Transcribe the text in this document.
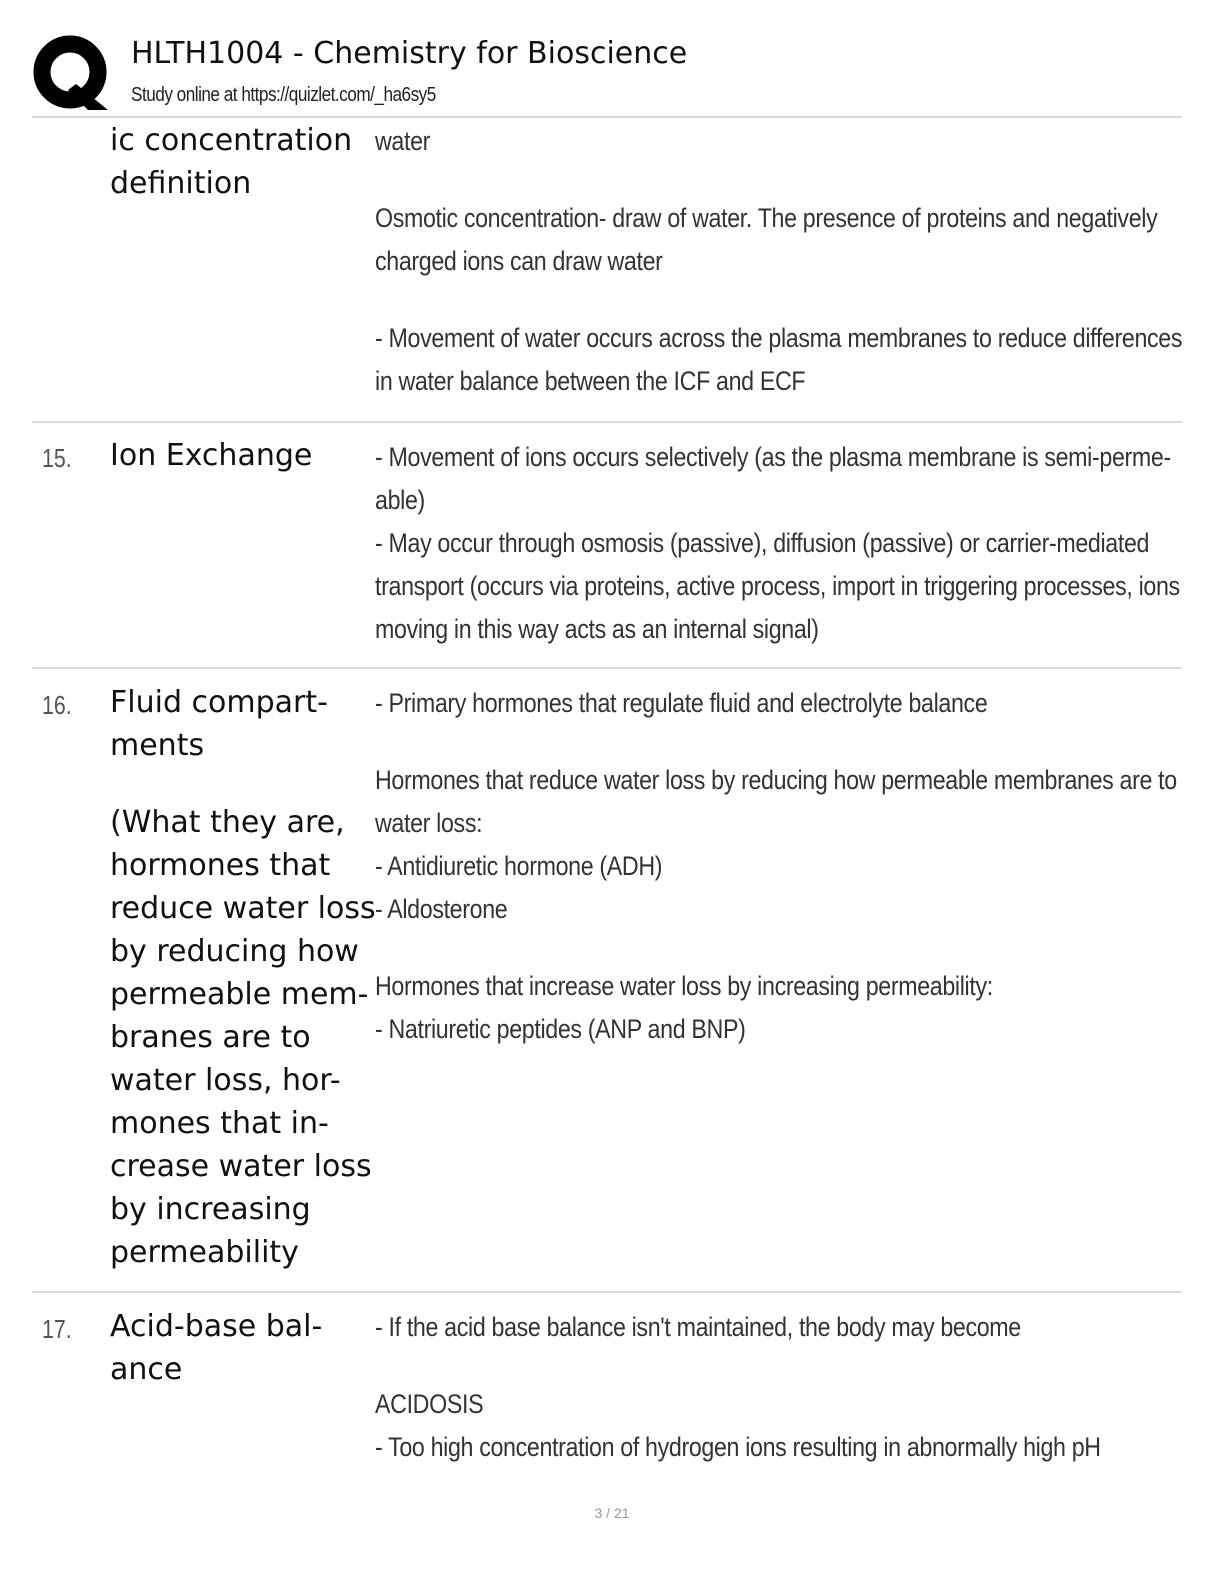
HLTH1004 - Chemistry for Bioscience
Study online at https://quizlet.com/_ha6sy5
ic concentration
definition
water
Osmotic concentration- draw of water. The presence of proteins and negatively
charged ions can draw water
- Movement of water occurs across the plasma membranes to reduce differences
in water balance between the ICF and ECF
15. Ion Exchange	- Movement of ions occurs selectively (as the plasma membrane is semi-perme-
able)
- May occur through osmosis (passive), diffusion (passive) or carrier-mediated
transport (occurs via proteins, active process, import in triggering processes, ions
moving in this way acts as an internal signal)
16. Fluid compart-
ments
(What they are,
hormones that
reduce water loss
by reducing how
permeable mem-
branes are to
water loss, hor-
mones that in-
crease water loss
by increasing
permeability
- Primary hormones that regulate fluid and electrolyte balance
Hormones that reduce water loss by reducing how permeable membranes are to
water loss:
- Antidiuretic hormone (ADH)
- Aldosterone
Hormones that increase water loss by increasing permeability:
- Natriuretic peptides (ANP and BNP)
17. Acid-base bal-
ance
- If the acid base balance isn't maintained, the body may become
ACIDOSIS
- Too high concentration of hydrogen ions resulting in abnormally high pH
3 / 21
